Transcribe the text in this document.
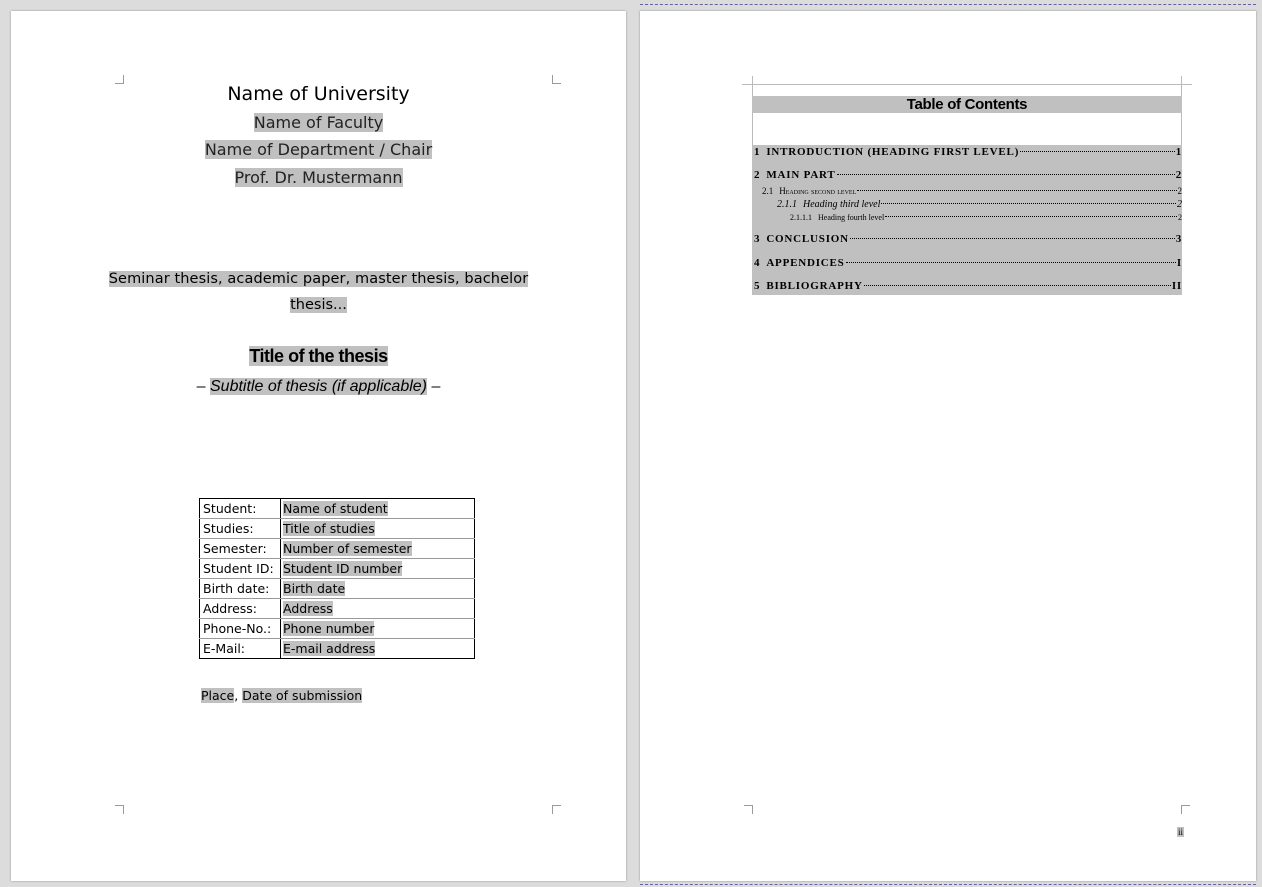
Name of University
Name of Faculty
Name of Department / Chair
Prof. Dr. Mustermann
Seminar thesis, academic paper, master thesis, bachelor
thesis...
Title of the thesis
– Subtitle of thesis (if applicable) –
Student:	Name of student
Studies:	Title of studies
Semester:	Number of semester
Student ID:	Student ID number
Birth date:	Birth date
Address:	Address
Phone-No.:	Phone number
E-Mail:	E-mail address
Place, Date of submission
Table of Contents
1 INTRODUCTION (HEADING FIRST LEVEL)	1
2 MAIN PART	2
2.1 Heading second level	2
2.1.1 Heading third level	2
2.1.1.1 Heading fourth level	2
3 CONCLUSION	3
4 APPENDICES	I
5 BIBLIOGRAPHY	II
ii
